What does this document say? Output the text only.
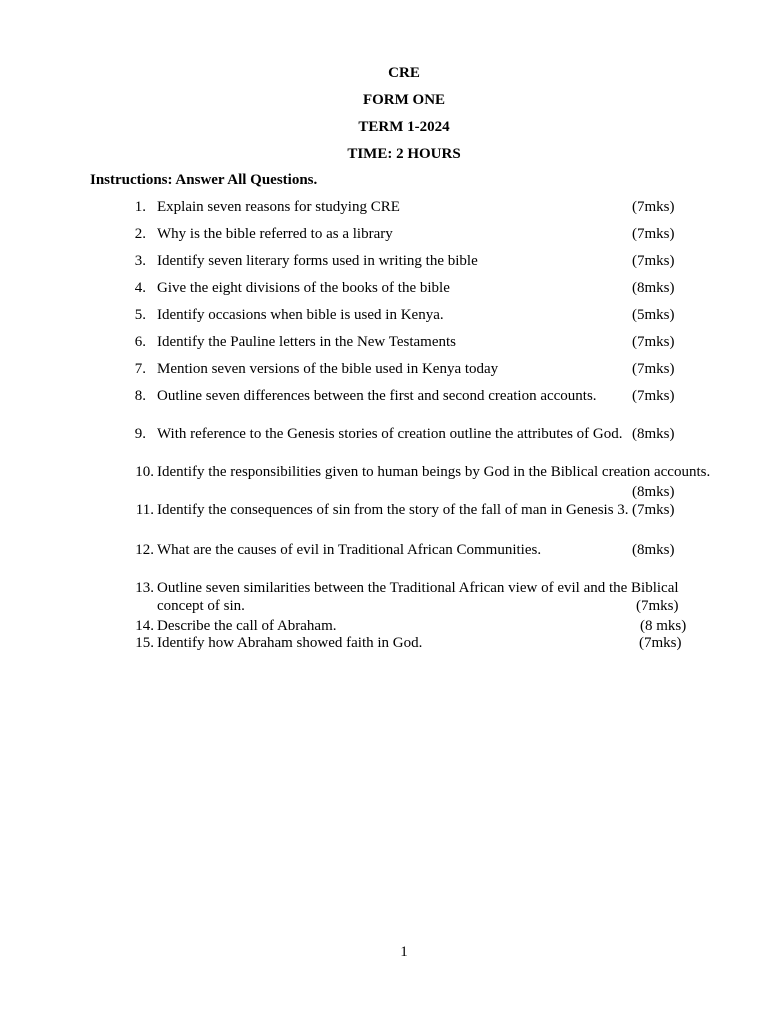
CRE
FORM ONE
TERM 1-2024
TIME: 2 HOURS
Instructions: Answer All Questions.
1. Explain seven reasons for studying CRE	(7mks)
2. Why is the bible referred to as a library	(7mks)
3. Identify seven literary forms used in writing the bible	(7mks)
4. Give the eight divisions of the books of the bible	(8mks)
5. Identify occasions when bible is used in Kenya.	(5mks)
6. Identify the Pauline letters in the New Testaments	(7mks)
7. Mention seven versions of the bible used in Kenya today	(7mks)
8. Outline seven differences between the first and second creation accounts. (7mks)
9. With reference to the Genesis stories of creation outline the attributes of God. (8mks)
10. Identify the responsibilities given to human beings by God in the Biblical creation accounts.
(8mks)
11. Identify the consequences of sin from the story of the fall of man in Genesis 3. (7mks)
12. What are the causes of evil in Traditional African Communities.	(8mks)
13. Outline seven similarities between the Traditional African view of evil and the Biblical
concept of sin.	(7mks)
14. Describe the call of Abraham.	(8 mks)
15. Identify how Abraham showed faith in God.	(7mks)
1
